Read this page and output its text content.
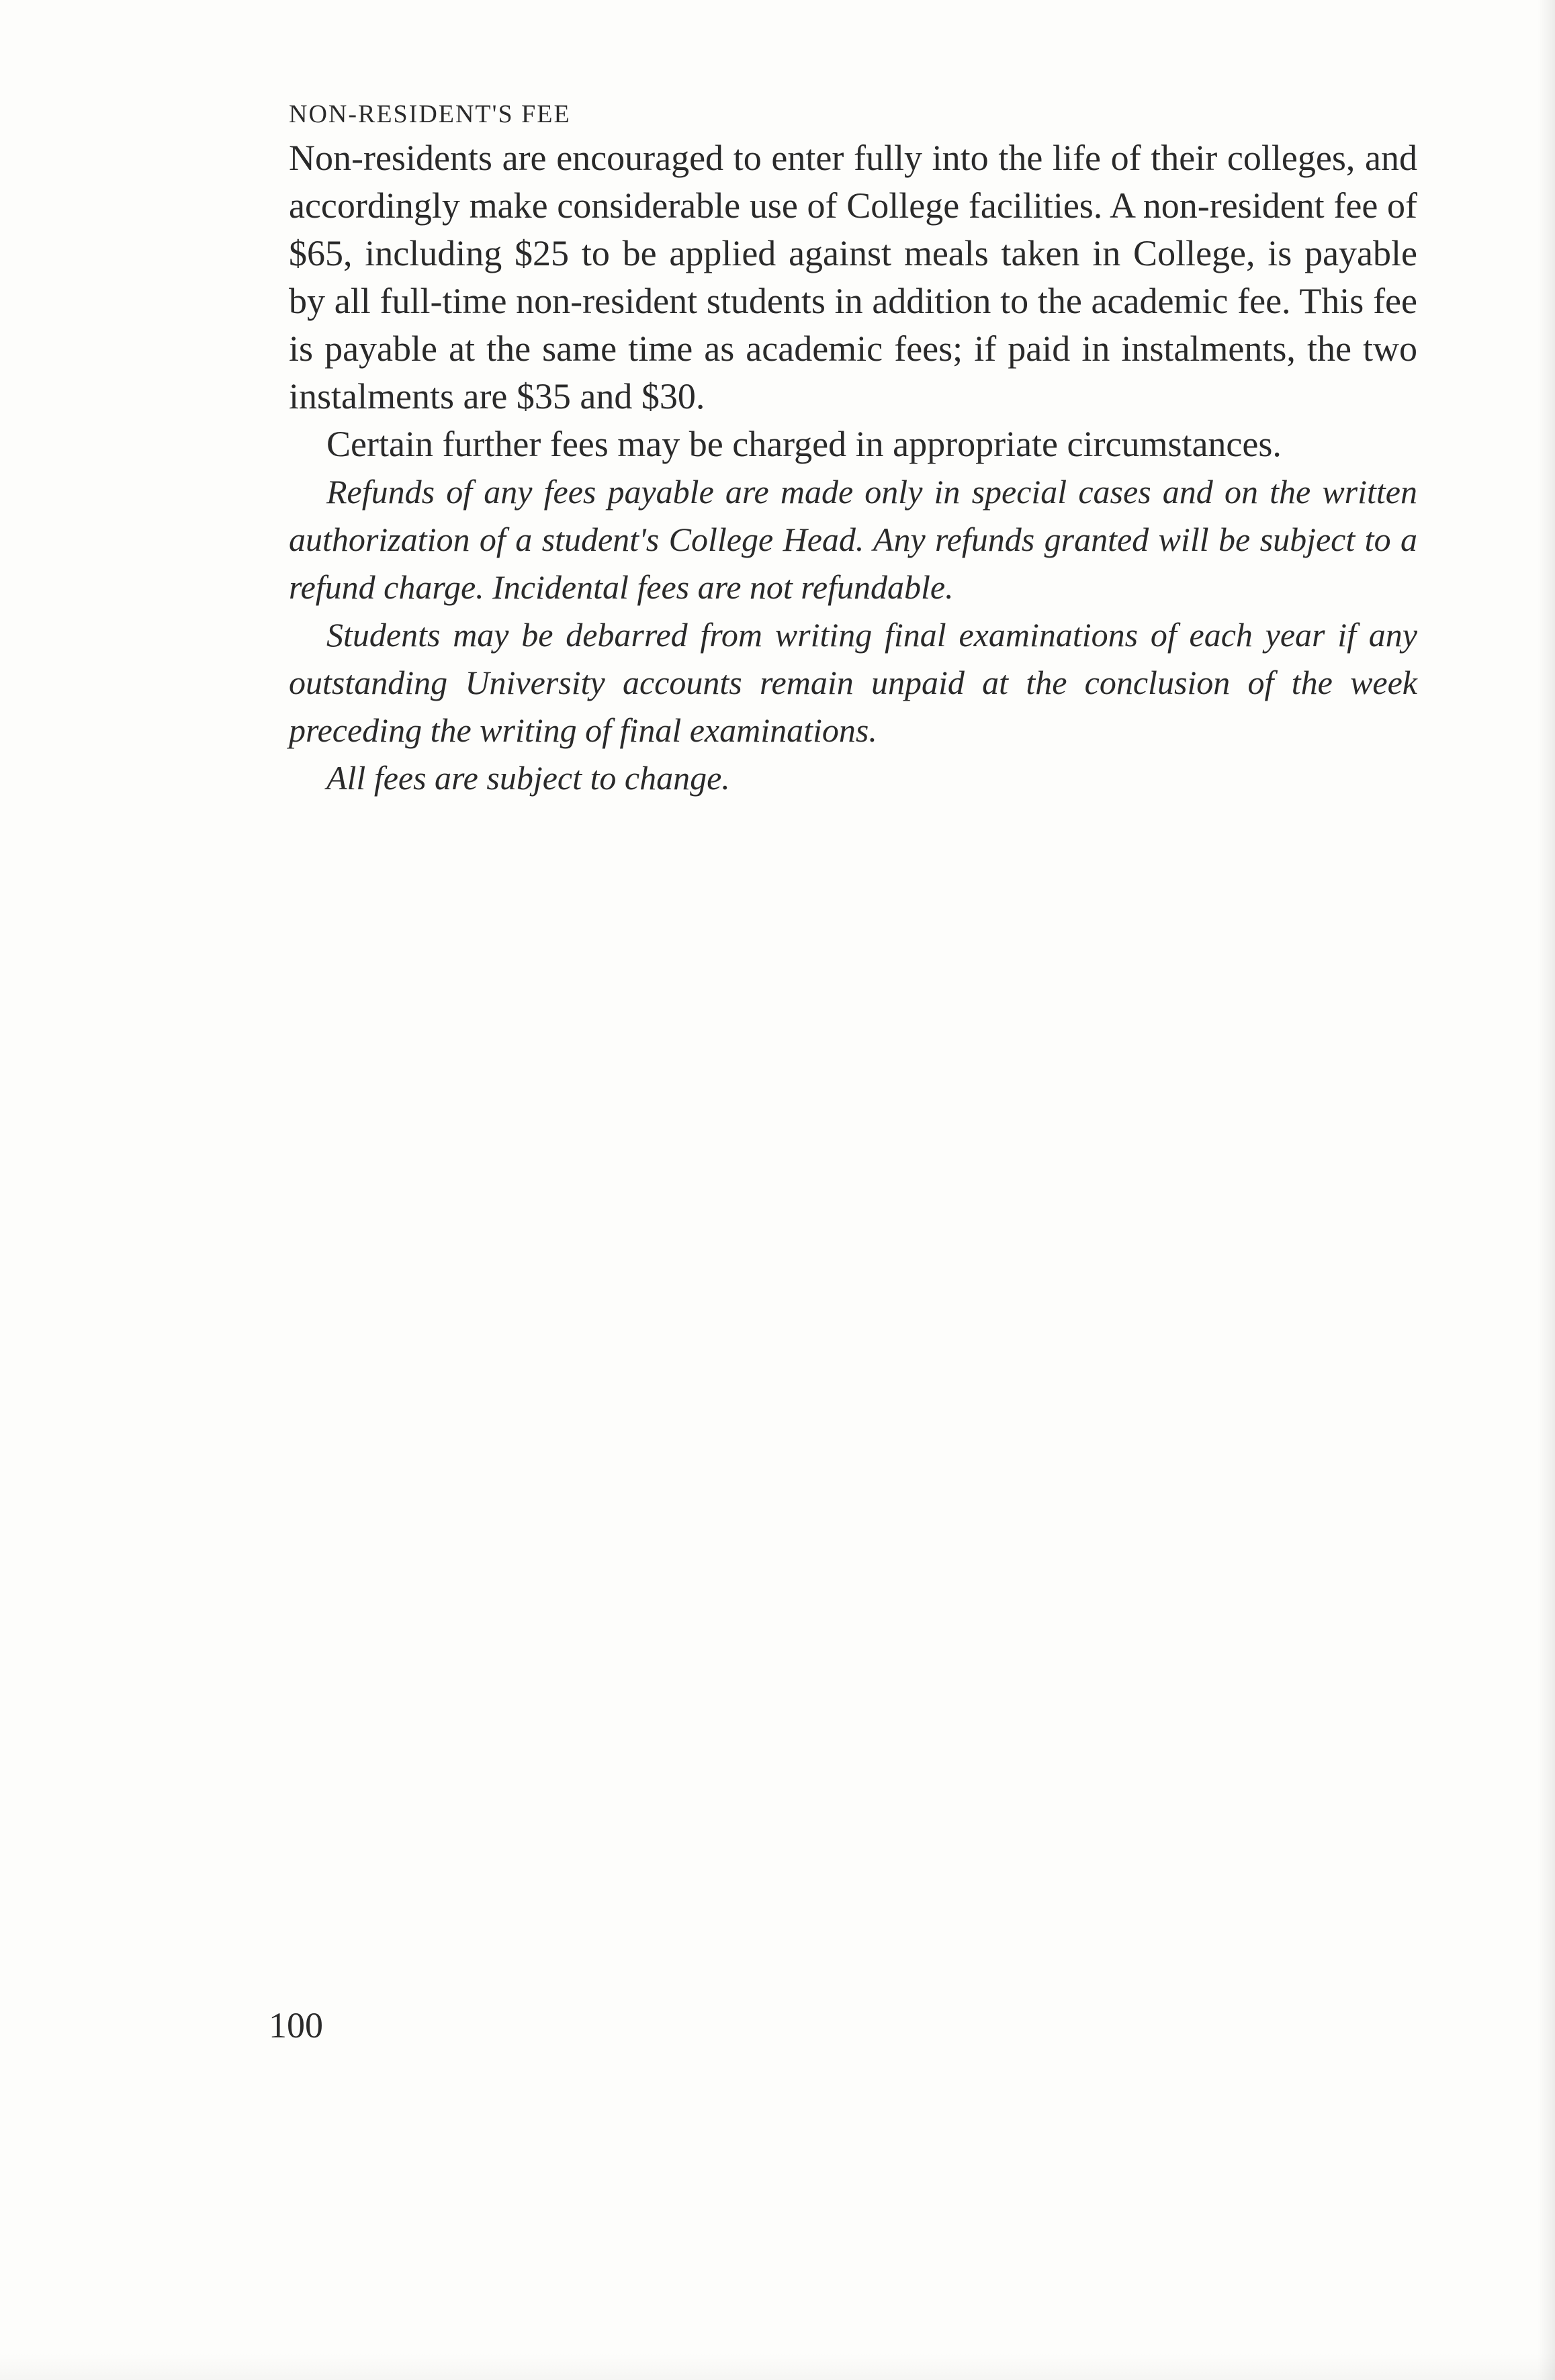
NON-RESIDENT'S FEE

Non-residents are encouraged to enter fully into the life of their colleges, and accordingly make considerable use of College facilities. A non-resident fee of $65, including $25 to be applied against meals taken in College, is payable by all full-time non-resident students in addition to the academic fee. This fee is payable at the same time as academic fees; if paid in instalments, the two instalments are $35 and $30.

Certain further fees may be charged in appropriate circumstances.

Refunds of any fees payable are made only in special cases and on the written authorization of a student's College Head. Any refunds granted will be subject to a refund charge. Incidental fees are not refundable.

Students may be debarred from writing final examinations of each year if any outstanding University accounts remain unpaid at the conclusion of the week preceding the writing of final examinations.

All fees are subject to change.

100
